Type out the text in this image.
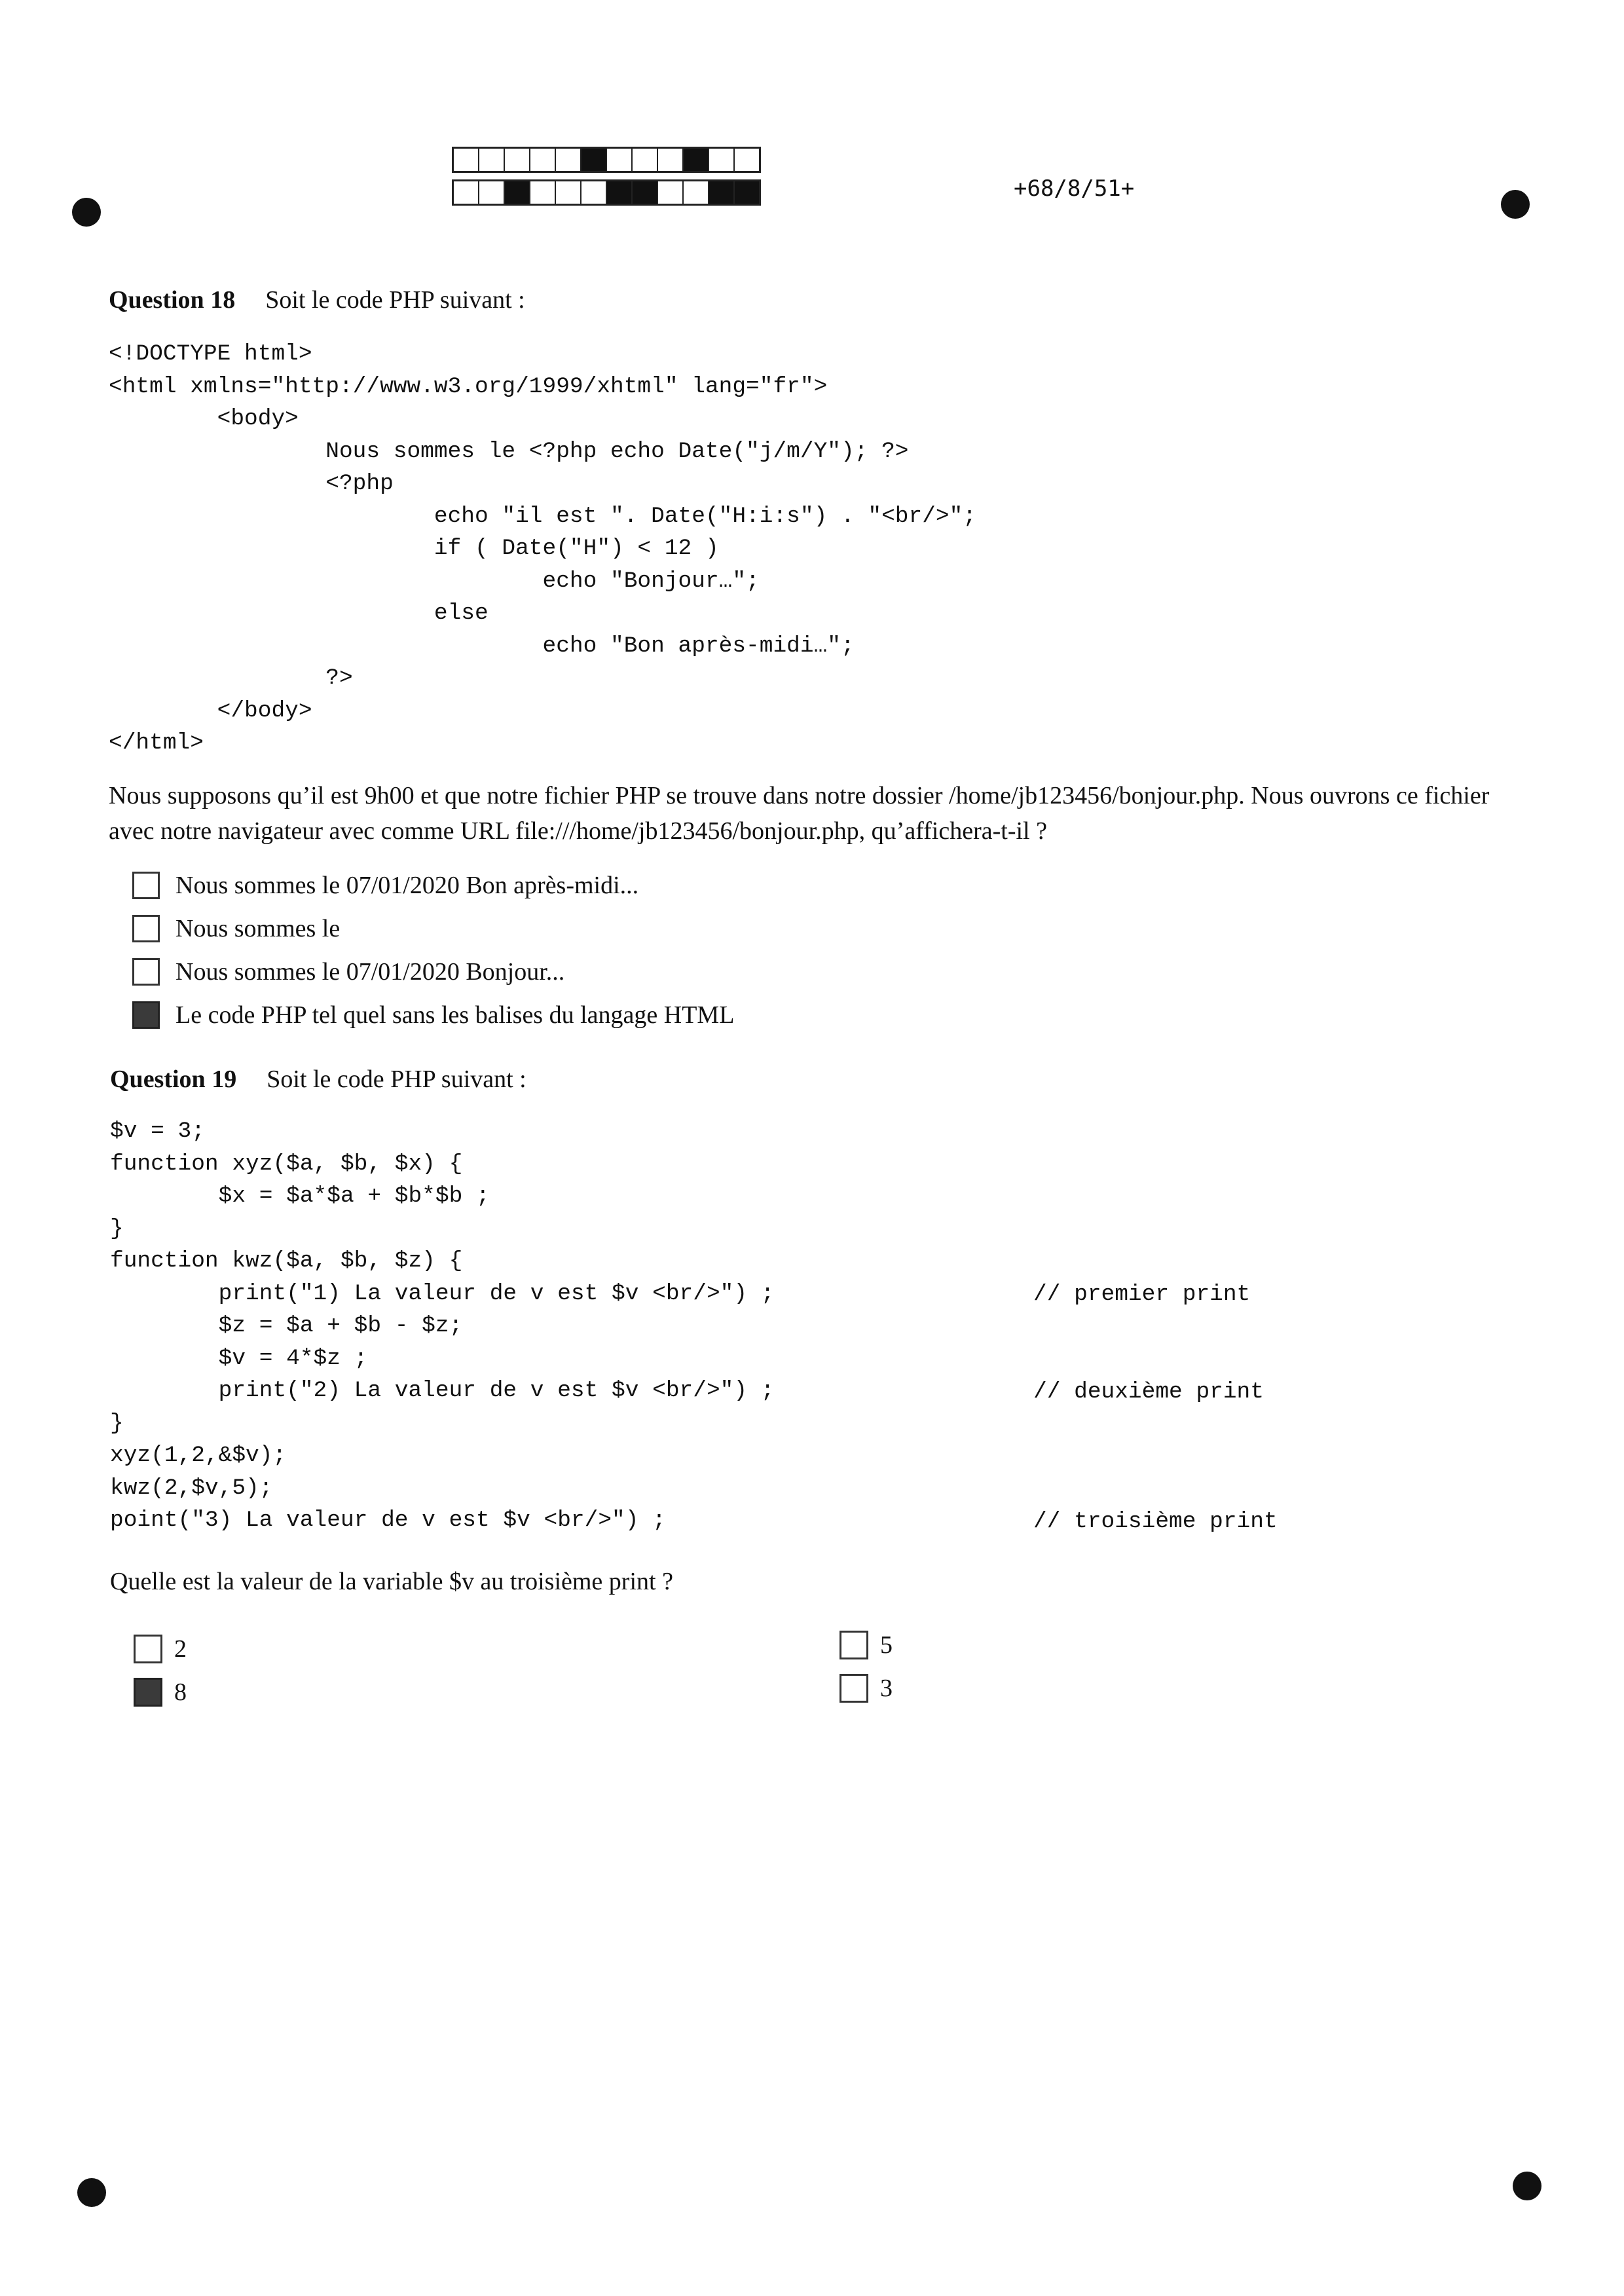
+68/8/51+
Question 18 Soit le code PHP suivant :
<!DOCTYPE html>
<html xmlns="http://www.w3.org/1999/xhtml" lang="fr">
<body>
Nous sommes le <?php echo Date("j/m/Y"); ?>
<?php
echo "il est ". Date("H:i:s") . "<br/>";
if ( Date("H") < 12 )
echo "Bonjour…";
else
echo "Bon après-midi…";
?>
</body>
</html>
Nous supposons qu’il est 9h00 et que notre fichier PHP se trouve dans notre dossier /home/jb123456/bonjour.php. Nous ouvrons ce fichier avec notre navigateur avec comme URL file:///home/jb123456/bonjour.php, qu’affichera-t-il ?
Nous sommes le 07/01/2020 Bon après-midi...
Nous sommes le
Nous sommes le 07/01/2020 Bonjour...
Le code PHP tel quel sans les balises du langage HTML
Question 19 Soit le code PHP suivant :
$v = 3;
function xyz($a, $b, $x) {
$x = $a*$a + $b*$b ;
}
function kwz($a, $b, $z) {
print("1) La valeur de v est $v <br/>") ;
$z = $a + $b - $z;
$v = 4*$z ;
print("2) La valeur de v est $v <br/>") ;
}
xyz(1,2,&$v);
kwz(2,$v,5);
point("3) La valeur de v est $v <br/>") ;
// premier print
// deuxième print
// troisième print
Quelle est la valeur de la variable $v au troisième print ?
2
8
5
3
